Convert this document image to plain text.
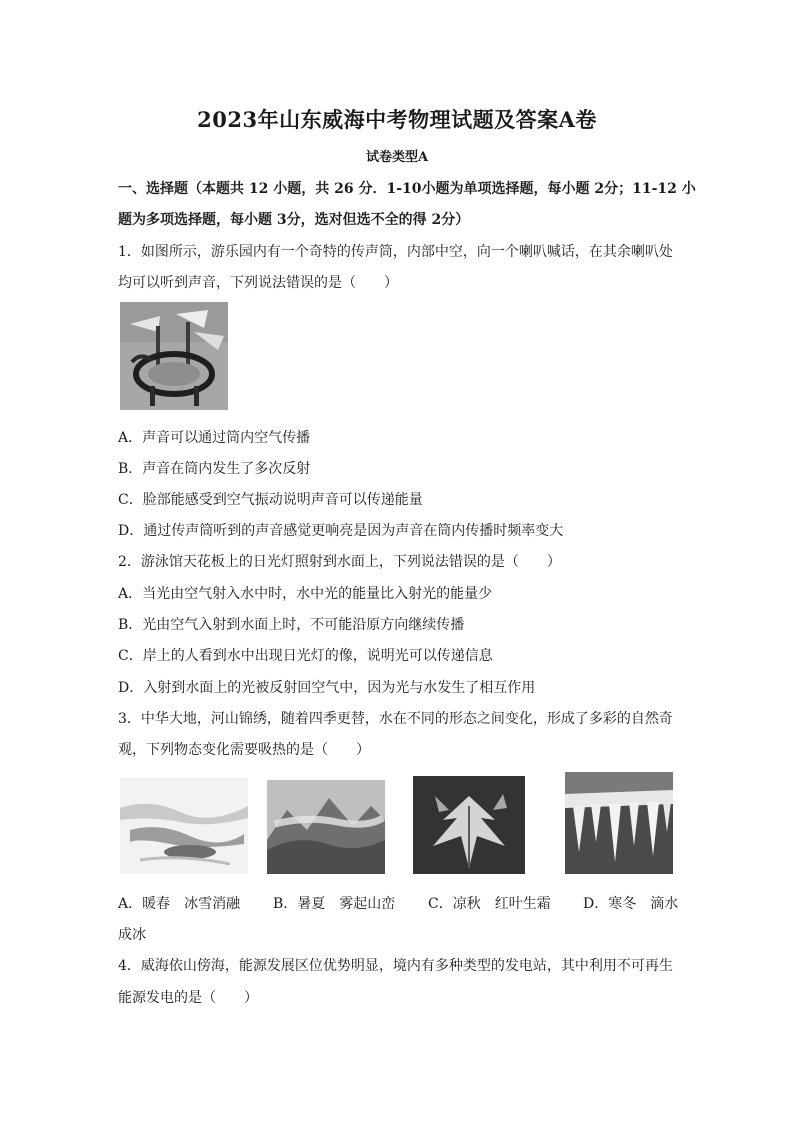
2023年山东威海中考物理试题及答案A卷
试卷类型A
一、选择题（本题共 12 小题，共 26 分．1-10小题为单项选择题，每小题 2分；11-12 小
题为多项选择题，每小题 3分，选对但选不全的得 2分）
1．如图所示，游乐园内有一个奇特的传声筒，内部中空，向一个喇叭喊话，在其余喇叭处
均可以听到声音，下列说法错误的是（　　）
A．声音可以通过筒内空气传播
B．声音在筒内发生了多次反射
C．脸部能感受到空气振动说明声音可以传递能量
D．通过传声筒听到的声音感觉更响亮是因为声音在筒内传播时频率变大
2．游泳馆天花板上的日光灯照射到水面上，下列说法错误的是（　　）
A．当光由空气射入水中时，水中光的能量比入射光的能量少
B．光由空气入射到水面上时，不可能沿原方向继续传播
C．岸上的人看到水中出现日光灯的像，说明光可以传递信息
D．入射到水面上的光被反射回空气中，因为光与水发生了相互作用
3．中华大地，河山锦绣，随着四季更替，水在不同的形态之间变化，形成了多彩的自然奇
观，下列物态变化需要吸热的是（　　）
A．暖春　冰雪消融 B．暑夏　雾起山峦 C．凉秋　红叶生霜 D．寒冬　滴水
成冰
4．威海依山傍海，能源发展区位优势明显，境内有多种类型的发电站，其中利用不可再生
能源发电的是（　　）
